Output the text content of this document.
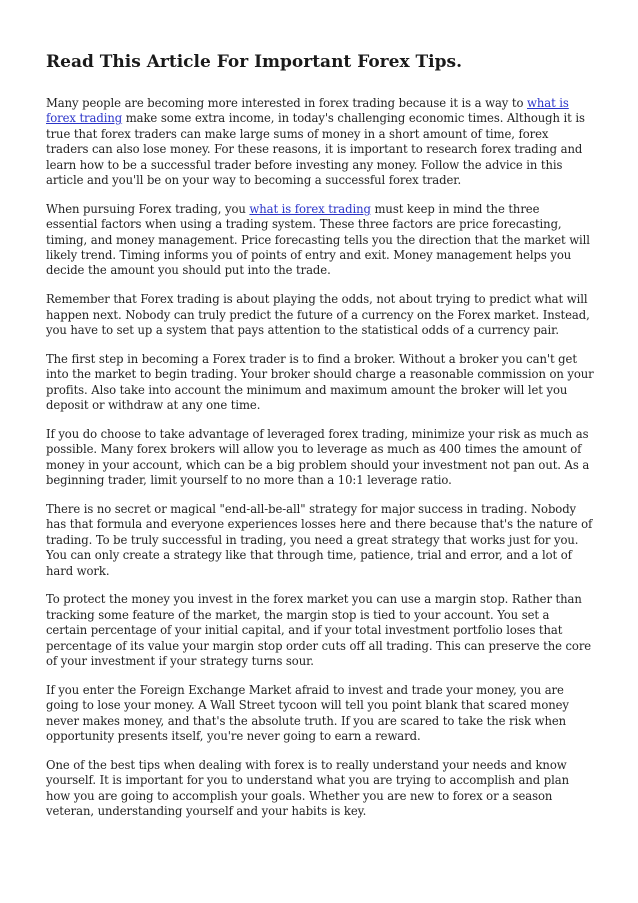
Read This Article For Important Forex Tips.

Many people are becoming more interested in forex trading because it is a way to what is forex trading make some extra income, in today's challenging economic times. Although it is true that forex traders can make large sums of money in a short amount of time, forex traders can also lose money. For these reasons, it is important to research forex trading and learn how to be a successful trader before investing any money. Follow the advice in this article and you'll be on your way to becoming a successful forex trader.

When pursuing Forex trading, you what is forex trading must keep in mind the three essential factors when using a trading system. These three factors are price forecasting, timing, and money management. Price forecasting tells you the direction that the market will likely trend. Timing informs you of points of entry and exit. Money management helps you decide the amount you should put into the trade.

Remember that Forex trading is about playing the odds, not about trying to predict what will happen next. Nobody can truly predict the future of a currency on the Forex market. Instead, you have to set up a system that pays attention to the statistical odds of a currency pair.

The first step in becoming a Forex trader is to find a broker. Without a broker you can't get into the market to begin trading. Your broker should charge a reasonable commission on your profits. Also take into account the minimum and maximum amount the broker will let you deposit or withdraw at any one time.

If you do choose to take advantage of leveraged forex trading, minimize your risk as much as possible. Many forex brokers will allow you to leverage as much as 400 times the amount of money in your account, which can be a big problem should your investment not pan out. As a beginning trader, limit yourself to no more than a 10:1 leverage ratio.

There is no secret or magical "end-all-be-all" strategy for major success in trading. Nobody has that formula and everyone experiences losses here and there because that's the nature of trading. To be truly successful in trading, you need a great strategy that works just for you. You can only create a strategy like that through time, patience, trial and error, and a lot of hard work.

To protect the money you invest in the forex market you can use a margin stop. Rather than tracking some feature of the market, the margin stop is tied to your account. You set a certain percentage of your initial capital, and if your total investment portfolio loses that percentage of its value your margin stop order cuts off all trading. This can preserve the core of your investment if your strategy turns sour.

If you enter the Foreign Exchange Market afraid to invest and trade your money, you are going to lose your money. A Wall Street tycoon will tell you point blank that scared money never makes money, and that's the absolute truth. If you are scared to take the risk when opportunity presents itself, you're never going to earn a reward.

One of the best tips when dealing with forex is to really understand your needs and know yourself. It is important for you to understand what you are trying to accomplish and plan how you are going to accomplish your goals. Whether you are new to forex or a season veteran, understanding yourself and your habits is key.
